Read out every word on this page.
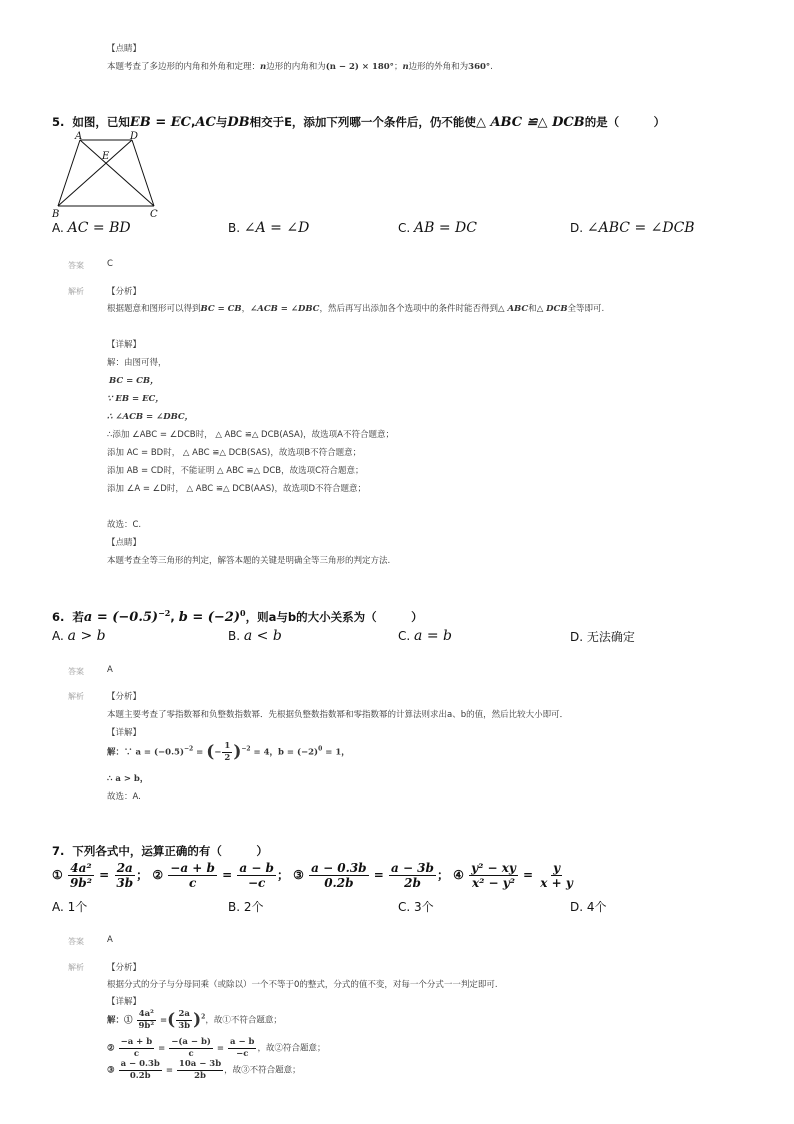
【点睛】
本题考查了多边形的内角和外角和定理：n边形的内角和为(n − 2) × 180°；n边形的外角和为360°.
5. 如图，已知EB = EC,AC与DB相交于E，添加下列哪一个条件后，仍不能使△ ABC ≌△ DCB的是（　　　）
A	D
E
B	C
A. AC = BD	B. ∠A = ∠D	C. AB = DC	D. ∠ABC = ∠DCB
答案	C
解析	【分析】
根据题意和图形可以得到BC = CB，∠ACB = ∠DBC，然后再写出添加各个选项中的条件时能否得到△ ABC和△ DCB全等即可.
【详解】
解：由图可得，
BC = CB，
∵ EB = EC，
∴ ∠ACB = ∠DBC，
∴添加 ∠ABC = ∠DCB时， △ ABC ≌△ DCB(ASA)，故选项A不符合题意；
添加 AC = BD时， △ ABC ≌△ DCB(SAS)，故选项B不符合题意；
添加 AB = CD时，不能证明 △ ABC ≌△ DCB，故选项C符合题意；
添加 ∠A = ∠D时， △ ABC ≌△ DCB(AAS)，故选项D不符合题意；
故选：C.
【点睛】
本题考查全等三角形的判定，解答本题的关键是明确全等三角形的判定方法.
6. 若$a = (-0.5)^{-2}$, $b = (-2)^0$，则a与b的大小关系为（　　　）
A. a > b	B. a < b	C. a = b	D. 无法确定
答案	A
解析	【分析】
本题主要考查了零指数幂和负整数指数幂．先根据负整数指数幂和零指数幂的计算法则求出a、b的值，然后比较大小即可．
【详解】
解：∵ $a = (-0.5)^{-2}$ = (− $\frac{1}{2} )^{-2} = 4$，$b = (-2)^0 = 1$，
∴ a > b，
故选：A.
7. 下列各式中，运算正确的有（　　　）
① $\frac{\text{4a²}}{\text{9b²}} = \frac{2a}{3b}$ ； ② $\frac{-a + b}{c} = \frac{a - b}{-c}$ ； ③ $\frac{a - 0.3b}{0.2b} = \frac{a - 3b}{2b}$ ； ④ $\frac{\text{y² − xy}}{\text{x² − y²}} = \frac{y}{x + y}$
A. 1个	B. 2个	C. 3个	D. 4个
答案	A
解析	【分析】
根据分式的分子与分母同乘（或除以）一个不等于0的整式，分式的值不变，对每一个分式一一判定即可.
【详解】
解：① $\frac{\text{4a²}}{\text{9b²}}$ =( $\frac{2a}{3b} )^2$，故①不符合题意；
② $\frac{-a + b}{c} = \frac{-(a - b)}{c} = \frac{a - b}{-c}$ ，故②符合题意；
③ $\frac{a - 0.3b}{0.2b} = \frac{10a - 3b}{2b}$ ，故③不符合题意；
